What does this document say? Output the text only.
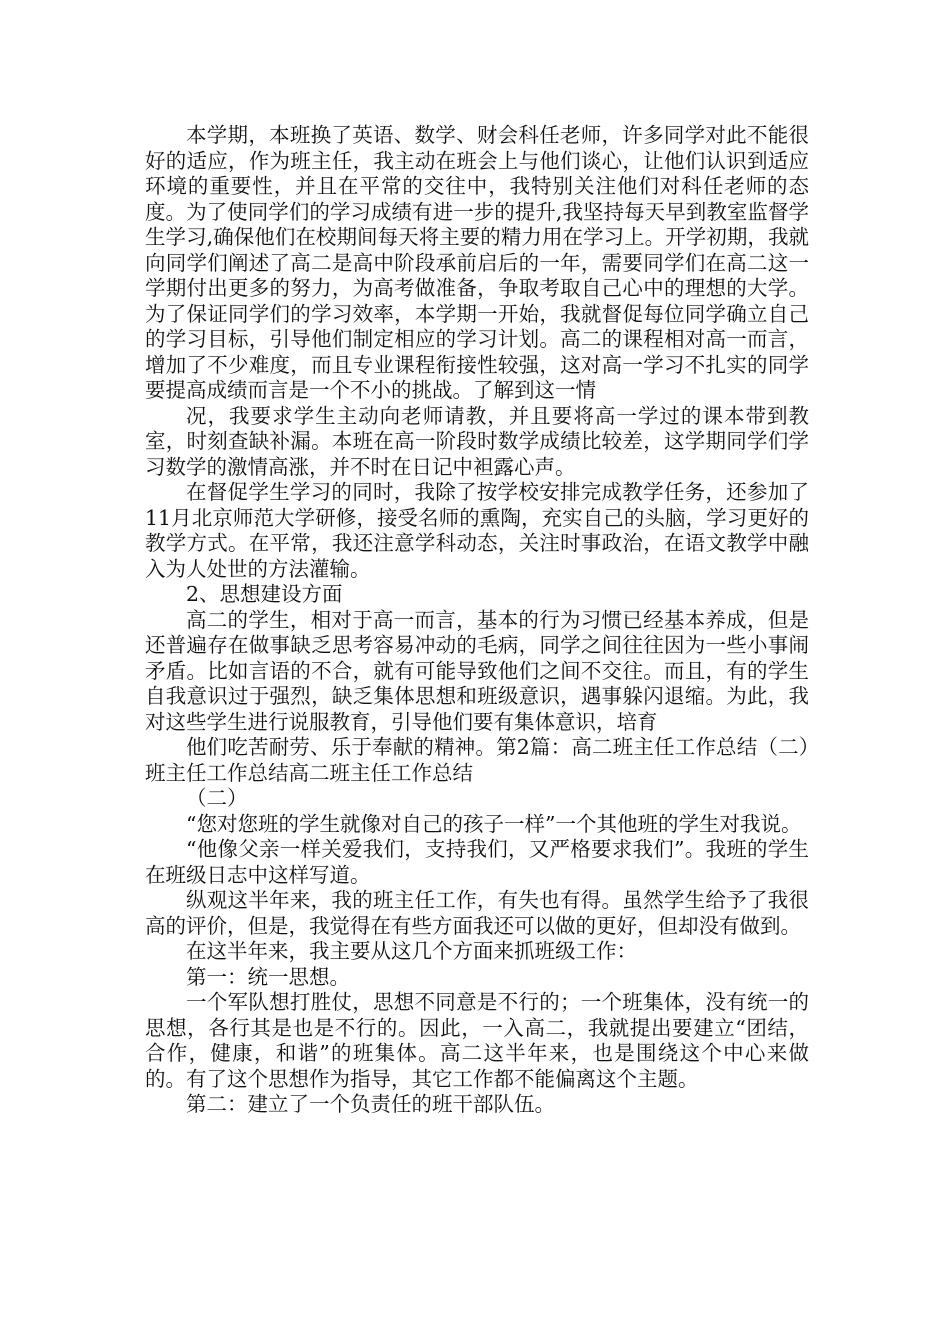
本学期，本班换了英语、数学、财会科任老师，许多同学对此不能很好的适应，作为班主任，我主动在班会上与他们谈心，让他们认识到适应环境的重要性，并且在平常的交往中，我特别关注他们对科任老师的态度。为了使同学们的学习成绩有进一步的提升,我坚持每天早到教室监督学生学习,确保他们在校期间每天将主要的精力用在学习上。开学初期，我就向同学们阐述了高二是高中阶段承前启后的一年，需要同学们在高二这一学期付出更多的努力，为高考做准备，争取考取自己心中的理想的大学。为了保证同学们的学习效率，本学期一开始，我就督促每位同学确立自己的学习目标，引导他们制定相应的学习计划。高二的课程相对高一而言，增加了不少难度，而且专业课程衔接性较强，这对高一学习不扎实的同学要提高成绩而言是一个不小的挑战。了解到这一情

况，我要求学生主动向老师请教，并且要将高一学过的课本带到教室，时刻查缺补漏。本班在高一阶段时数学成绩比较差，这学期同学们学习数学的激情高涨，并不时在日记中袒露心声。

在督促学生学习的同时，我除了按学校安排完成教学任务，还参加了11月北京师范大学研修，接受名师的熏陶，充实自己的头脑，学习更好的教学方式。在平常，我还注意学科动态，关注时事政治，在语文教学中融入为人处世的方法灌输。

2、思想建设方面

高二的学生，相对于高一而言，基本的行为习惯已经基本养成，但是还普遍存在做事缺乏思考容易冲动的毛病，同学之间往往因为一些小事闹矛盾。比如言语的不合，就有可能导致他们之间不交往。而且，有的学生自我意识过于强烈，缺乏集体思想和班级意识，遇事躲闪退缩。为此，我对这些学生进行说服教育，引导他们要有集体意识，培育

他们吃苦耐劳、乐于奉献的精神。第2篇：高二班主任工作总结（二）班主任工作总结高二班主任工作总结

（二）

“您对您班的学生就像对自己的孩子一样”一个其他班的学生对我说。

“他像父亲一样关爱我们，支持我们，又严格要求我们”。我班的学生在班级日志中这样写道。

纵观这半年来，我的班主任工作，有失也有得。虽然学生给予了我很高的评价，但是，我觉得在有些方面我还可以做的更好，但却没有做到。

在这半年来，我主要从这几个方面来抓班级工作：

第一：统一思想。

一个军队想打胜仗，思想不同意是不行的；一个班集体，没有统一的思想，各行其是也是不行的。因此，一入高二，我就提出要建立“团结，合作，健康，和谐”的班集体。高二这半年来，也是围绕这个中心来做的。有了这个思想作为指导，其它工作都不能偏离这个主题。

第二：建立了一个负责任的班干部队伍。
